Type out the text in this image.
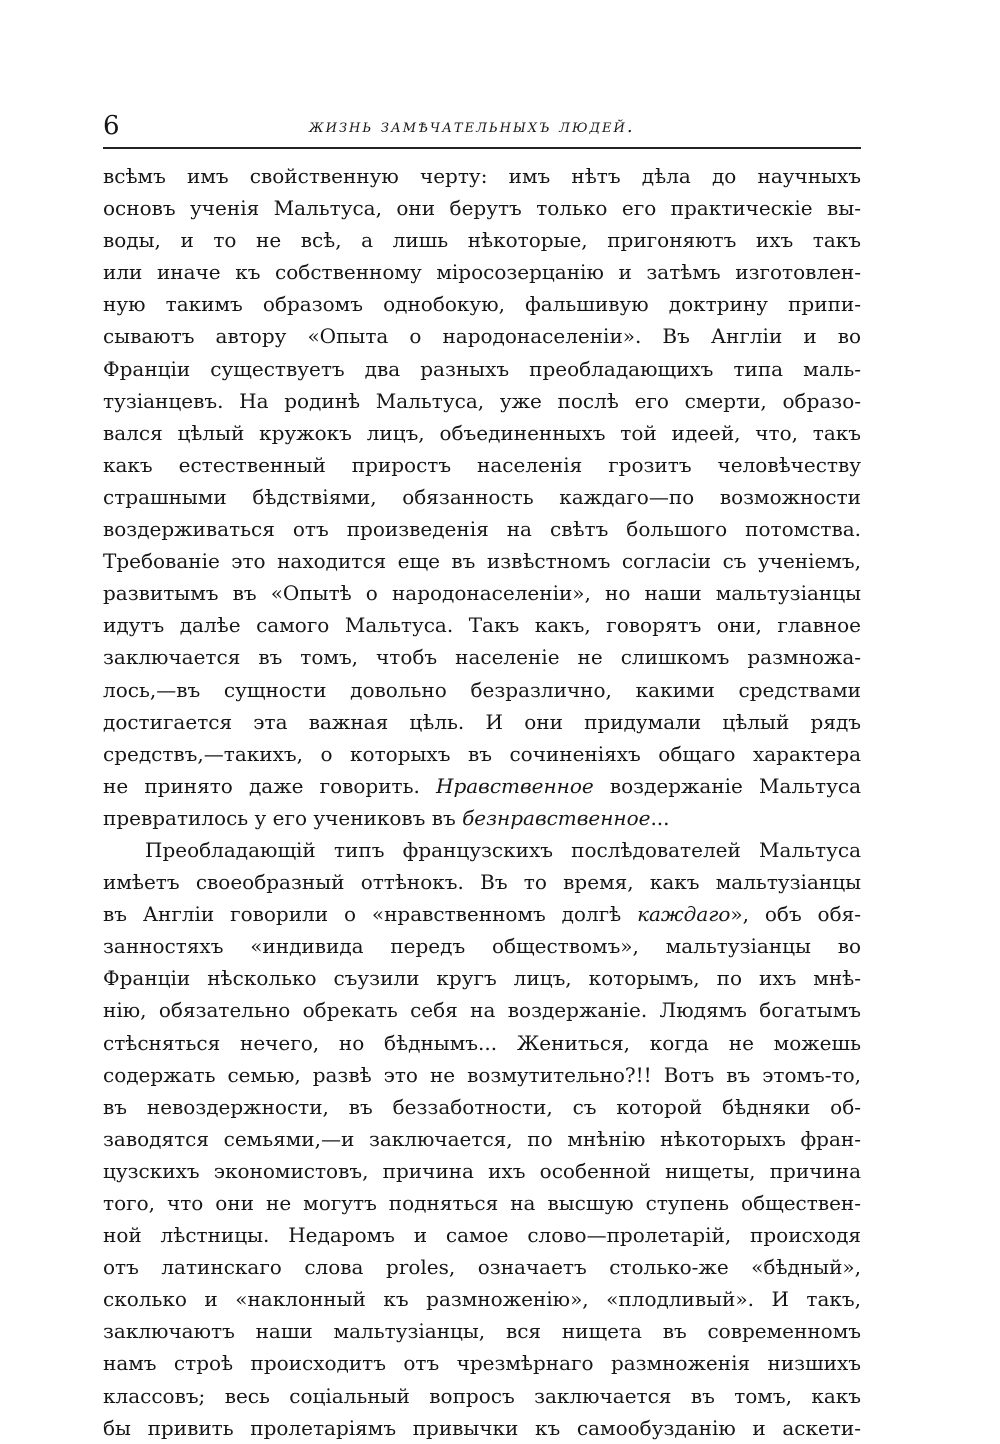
6	жизнь замѣчательныхъ людей.
всѣмъ имъ свойственную черту: имъ нѣтъ дѣла до научныхъ
основъ ученія Мальтуса, они берутъ только его практическіе вы-
воды, и то не всѣ, а лишь нѣкоторые, пригоняютъ ихъ такъ
или иначе къ собственному міросозерцанію и затѣмъ изготовлен-
ную такимъ образомъ однобокую, фальшивую доктрину припи-
сываютъ автору «Опыта о народонаселеніи». Въ Англіи и во
Франціи существуетъ два разныхъ преобладающихъ типа маль-
тузіанцевъ. На родинѣ Мальтуса, уже послѣ его смерти, образо-
вался цѣлый кружокъ лицъ, объединенныхъ той идеей, что, такъ
какъ естественный приростъ населенія грозитъ человѣчеству
страшными бѣдствіями, обязанность каждаго—по возможности
воздерживаться отъ произведенія на свѣтъ большого потомства.
Требованіе это находится еще въ извѣстномъ согласіи съ ученіемъ,
развитымъ въ «Опытѣ о народонаселеніи», но наши мальтузіанцы
идутъ далѣе самого Мальтуса. Такъ какъ, говорятъ они, главное
заключается въ томъ, чтобъ населеніе не слишкомъ размножа-
лось,—въ сущности довольно безразлично, какими средствами
достигается эта важная цѣль. И они придумали цѣлый рядъ
средствъ,—такихъ, о которыхъ въ сочиненіяхъ общаго характера
не принято даже говорить. Нравственное воздержаніе Мальтуса
превратилось у его учениковъ въ безнравственное...
Преобладающій типъ французскихъ послѣдователей Мальтуса
имѣетъ своеобразный оттѣнокъ. Въ то время, какъ мальтузіанцы
въ Англіи говорили о «нравственномъ долгѣ каждаго», объ обя-
занностяхъ «индивида передъ обществомъ», мальтузіанцы во
Франціи нѣсколько съузили кругъ лицъ, которымъ, по ихъ мнѣ-
нію, обязательно обрекать себя на воздержаніе. Людямъ богатымъ
стѣсняться нечего, но бѣднымъ... Жениться, когда не можешь
содержать семью, развѣ это не возмутительно?!! Вотъ въ этомъ-то,
въ невоздержности, въ беззаботности, съ которой бѣдняки об-
заводятся семьями,—и заключается, по мнѣнію нѣкоторыхъ фран-
цузскихъ экономистовъ, причина ихъ особенной нищеты, причина
того, что они не могутъ подняться на высшую ступень обществен-
ной лѣстницы. Недаромъ и самое слово—пролетарій, происходя
отъ латинскаго слова proles, означаетъ столько-же «бѣдный»,
сколько и «наклонный къ размноженію», «плодливый». И такъ,
заключаютъ наши мальтузіанцы, вся нищета въ современномъ
намъ строѣ происходитъ отъ чрезмѣрнаго размноженія низшихъ
классовъ; весь соціальный вопросъ заключается въ томъ, какъ
бы привить пролетаріямъ привычки къ самообузданію и аскети-
